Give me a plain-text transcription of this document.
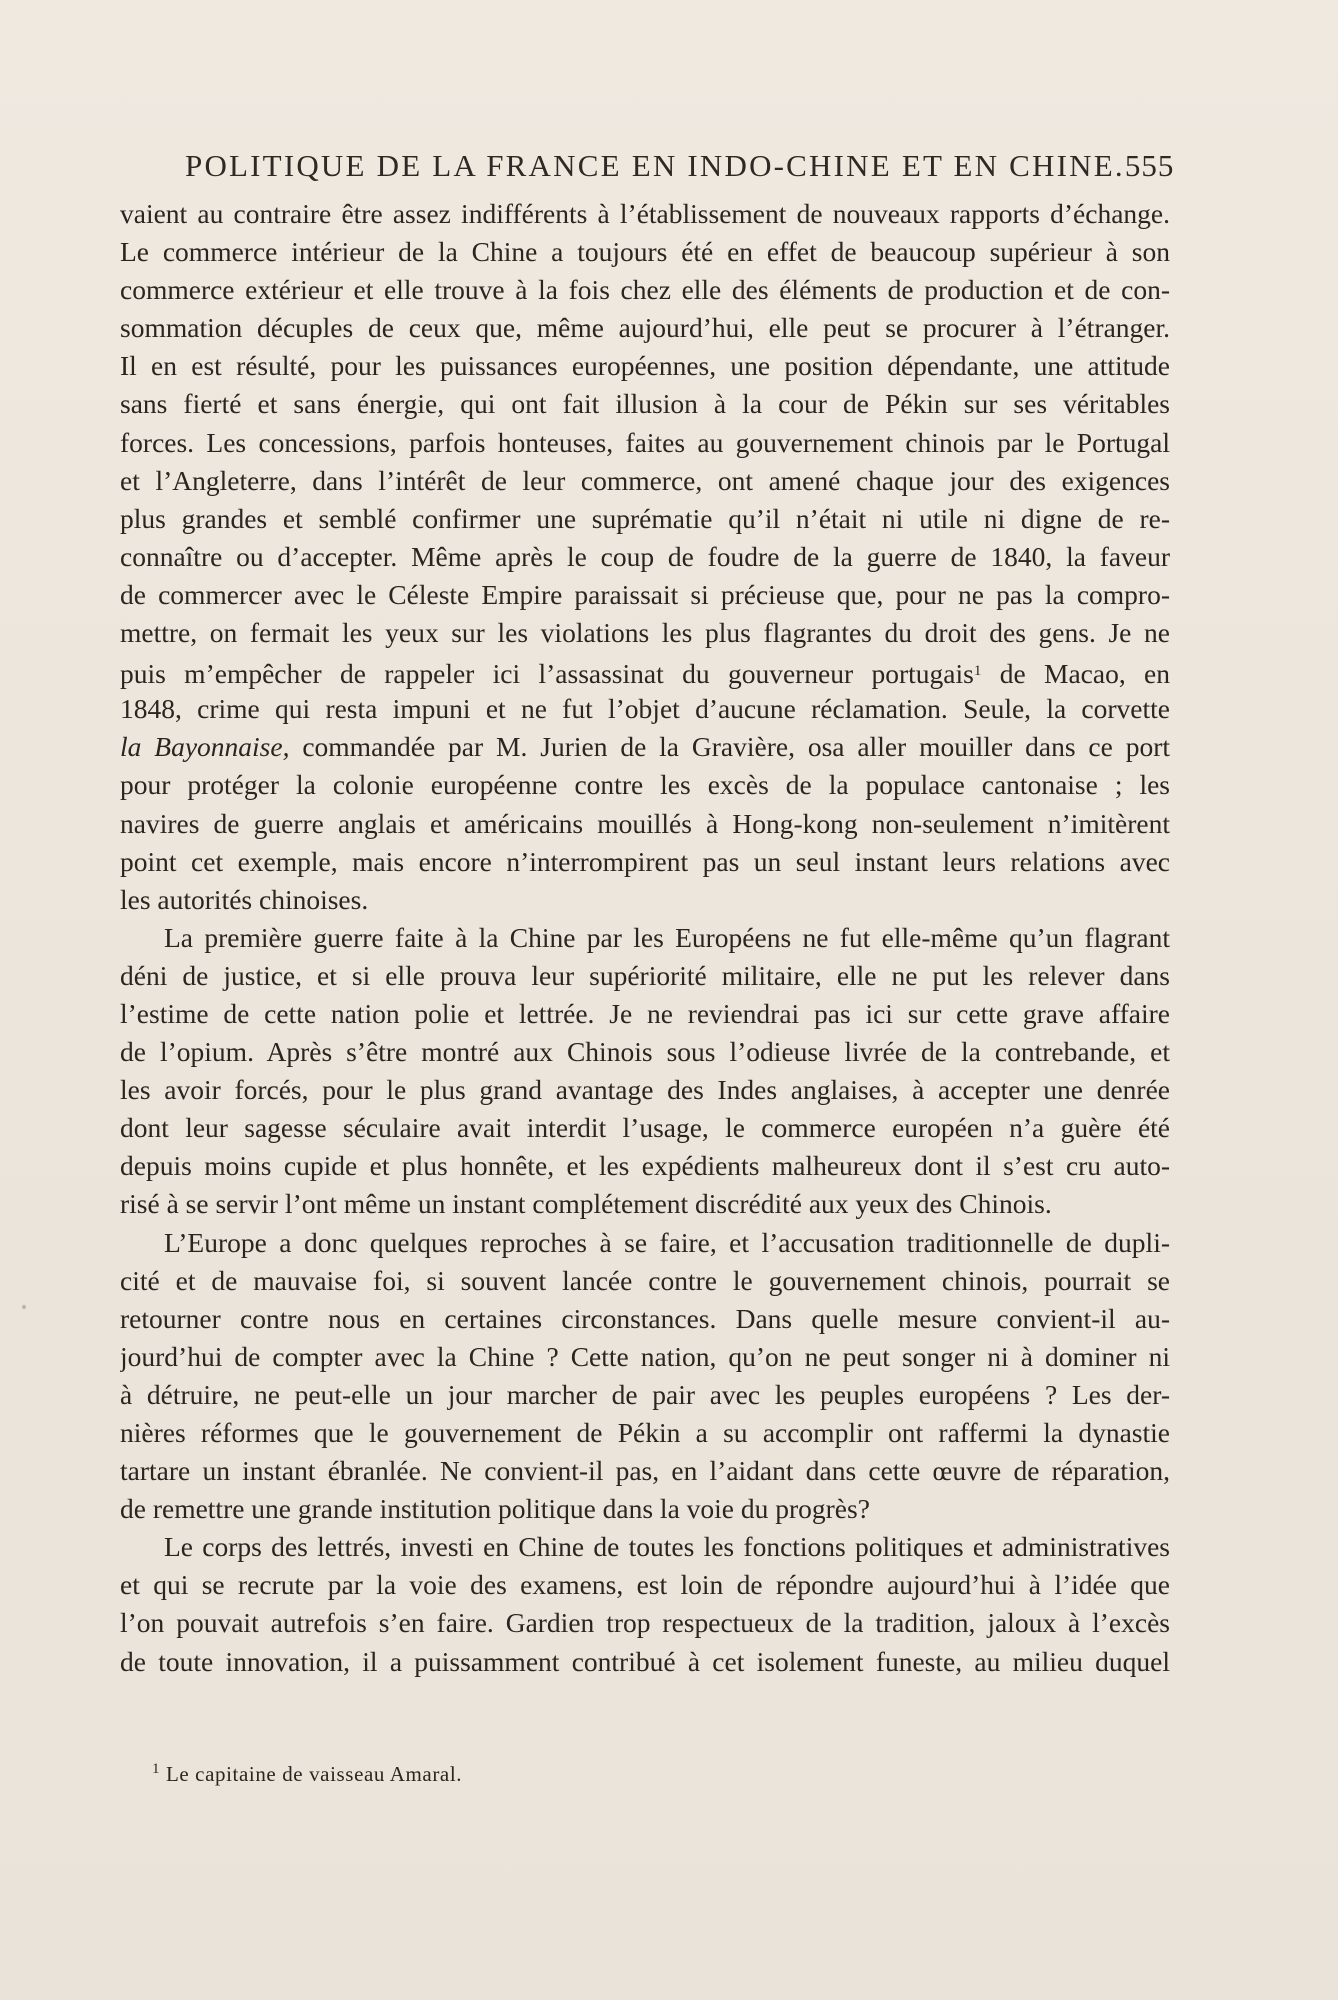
POLITIQUE DE LA FRANCE EN INDO-CHINE ET EN CHINE. 555
vaient au contraire être assez indifférents à l’établissement de nouveaux rapports d’échange.
Le commerce intérieur de la Chine a toujours été en effet de beaucoup supérieur à son
commerce extérieur et elle trouve à la fois chez elle des éléments de production et de con-
sommation décuples de ceux que, même aujourd’hui, elle peut se procurer à l’étranger.
Il en est résulté, pour les puissances européennes, une position dépendante, une attitude
sans fierté et sans énergie, qui ont fait illusion à la cour de Pékin sur ses véritables
forces. Les concessions, parfois honteuses, faites au gouvernement chinois par le Portugal
et l’Angleterre, dans l’intérêt de leur commerce, ont amené chaque jour des exigences
plus grandes et semblé confirmer une suprématie qu’il n’était ni utile ni digne de re-
connaître ou d’accepter. Même après le coup de foudre de la guerre de 1840, la faveur
de commercer avec le Céleste Empire paraissait si précieuse que, pour ne pas la compro-
mettre, on fermait les yeux sur les violations les plus flagrantes du droit des gens. Je ne
puis m’empêcher de rappeler ici l’assassinat du gouverneur portugais$^1$ de Macao, en
1848, crime qui resta impuni et ne fut l’objet d’aucune réclamation. Seule, la corvette
la Bayonnaise, commandée par M. Jurien de la Gravière, osa aller mouiller dans ce port
pour protéger la colonie européenne contre les excès de la populace cantonaise ; les
navires de guerre anglais et américains mouillés à Hong-kong non-seulement n’imitèrent
point cet exemple, mais encore n’interrompirent pas un seul instant leurs relations avec
les autorités chinoises.
La première guerre faite à la Chine par les Européens ne fut elle-même qu’un flagrant
déni de justice, et si elle prouva leur supériorité militaire, elle ne put les relever dans
l’estime de cette nation polie et lettrée. Je ne reviendrai pas ici sur cette grave affaire
de l’opium. Après s’être montré aux Chinois sous l’odieuse livrée de la contrebande, et
les avoir forcés, pour le plus grand avantage des Indes anglaises, à accepter une denrée
dont leur sagesse séculaire avait interdit l’usage, le commerce européen n’a guère été
depuis moins cupide et plus honnête, et les expédients malheureux dont il s’est cru auto-
risé à se servir l’ont même un instant complétement discrédité aux yeux des Chinois.
L’Europe a donc quelques reproches à se faire, et l’accusation traditionnelle de dupli-
cité et de mauvaise foi, si souvent lancée contre le gouvernement chinois, pourrait se
retourner contre nous en certaines circonstances. Dans quelle mesure convient-il au-
jourd’hui de compter avec la Chine ? Cette nation, qu’on ne peut songer ni à dominer ni
à détruire, ne peut-elle un jour marcher de pair avec les peuples européens ? Les der-
nières réformes que le gouvernement de Pékin a su accomplir ont raffermi la dynastie
tartare un instant ébranlée. Ne convient-il pas, en l’aidant dans cette œuvre de réparation,
de remettre une grande institution politique dans la voie du progrès?
Le corps des lettrés, investi en Chine de toutes les fonctions politiques et administratives
et qui se recrute par la voie des examens, est loin de répondre aujourd’hui à l’idée que
l’on pouvait autrefois s’en faire. Gardien trop respectueux de la tradition, jaloux à l’excès
de toute innovation, il a puissamment contribué à cet isolement funeste, au milieu duquel
$^1$ Le capitaine de vaisseau Amaral.
